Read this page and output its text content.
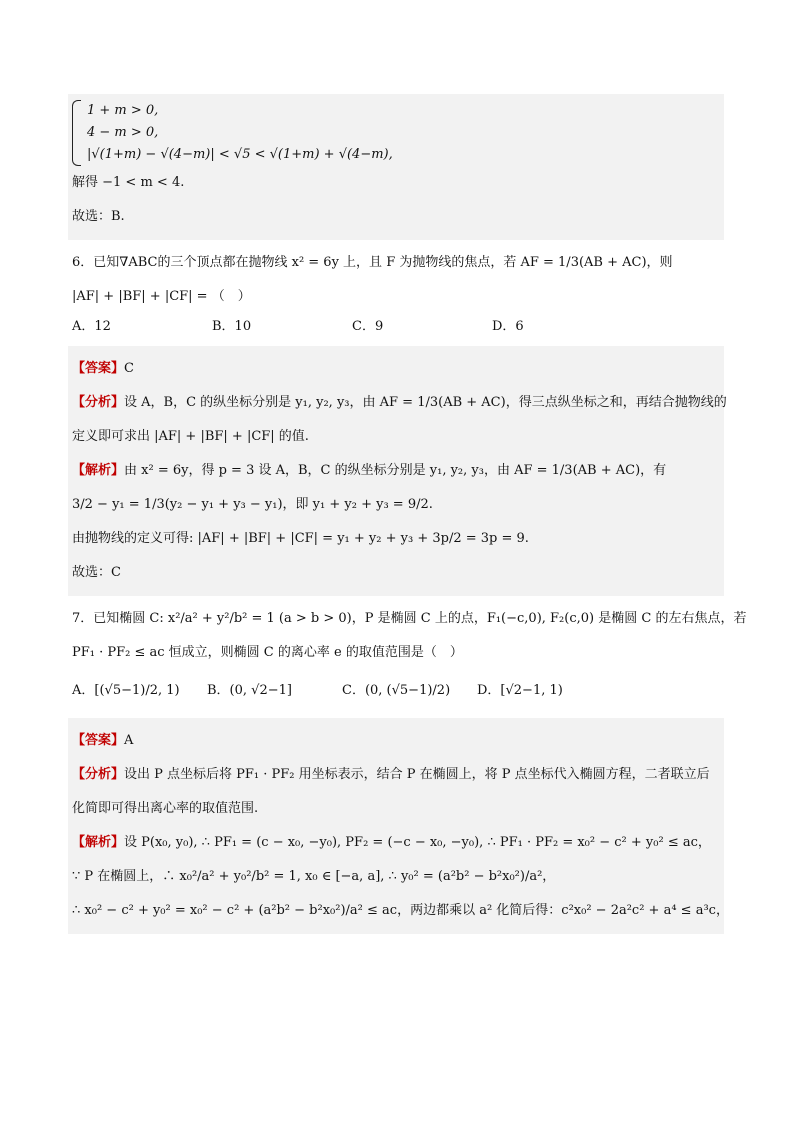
1 + m > 0,
4 − m > 0,
|√(1+m) − √(4−m)| < √5 < √(1+m) + √(4−m),
解得 −1 < m < 4.
故选：B.
6．已知∇ABC的三个顶点都在抛物线 x² = 6y 上，且 F 为抛物线的焦点，若 AF = 1/3(AB + AC)，则
|AF| + |BF| + |CF| = （　）
A．12	B．10	C．9	D．6
【答案】C
【分析】设 A，B，C 的纵坐标分别是 y₁, y₂, y₃，由 AF = 1/3(AB + AC)，得三点纵坐标之和，再结合抛物线的
定义即可求出 |AF| + |BF| + |CF| 的值.
【解析】由 x² = 6y，得 p = 3 设 A，B，C 的纵坐标分别是 y₁, y₂, y₃，由 AF = 1/3(AB + AC)，有
3/2 − y₁ = 1/3(y₂ − y₁ + y₃ − y₁)，即 y₁ + y₂ + y₃ = 9/2.
由抛物线的定义可得: |AF| + |BF| + |CF| = y₁ + y₂ + y₃ + 3p/2 = 3p = 9.
故选：C
7．已知椭圆 C: x²/a² + y²/b² = 1 (a > b > 0)，P 是椭圆 C 上的点，F₁(−c,0), F₂(c,0) 是椭圆 C 的左右焦点，若
PF₁ · PF₂ ≤ ac 恒成立，则椭圆 C 的离心率 e 的取值范围是（　）
A．[(√5−1)/2, 1)	B．(0, √2−1]	C．(0, (√5−1)/2)	D．[√2−1, 1)
【答案】A
【分析】设出 P 点坐标后将 PF₁ · PF₂ 用坐标表示，结合 P 在椭圆上，将 P 点坐标代入椭圆方程，二者联立后
化简即可得出离心率的取值范围.
【解析】设 P(x₀, y₀), ∴ PF₁ = (c − x₀, −y₀), PF₂ = (−c − x₀, −y₀), ∴ PF₁ · PF₂ = x₀² − c² + y₀² ≤ ac，
∵ P 在椭圆上，∴ x₀²/a² + y₀²/b² = 1, x₀ ∈ [−a, a], ∴ y₀² = (a²b² − b²x₀²)/a²，
∴ x₀² − c² + y₀² = x₀² − c² + (a²b² − b²x₀²)/a² ≤ ac，两边都乘以 a² 化简后得：c²x₀² − 2a²c² + a⁴ ≤ a³c，
